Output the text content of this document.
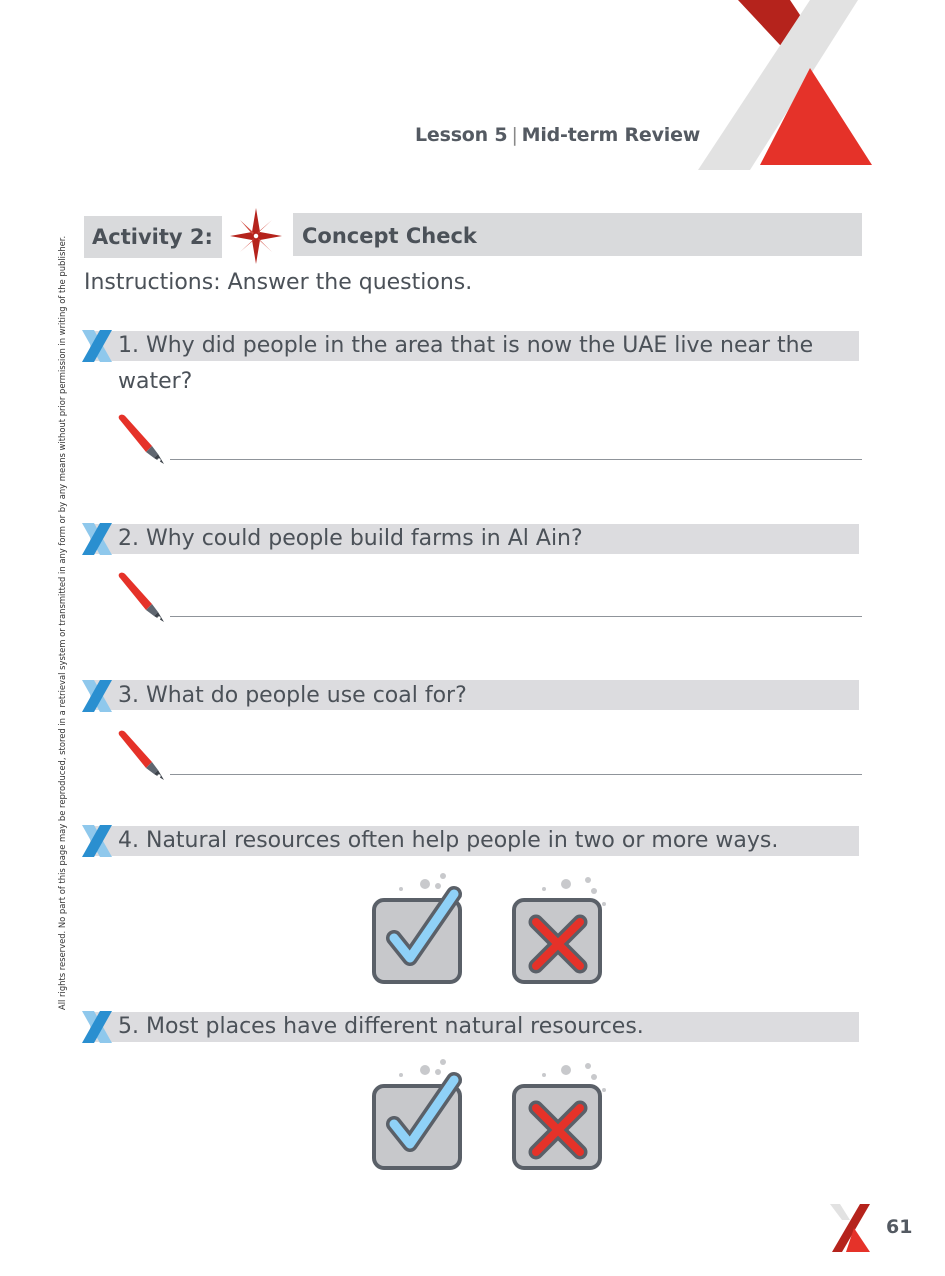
Lesson 5 | Mid-term Review
All rights reserved. No part of this page may be reproduced, stored in a retrieval system or transmitted in any form or by any means without prior permission in writing of the publisher. Activity 2:	Concept Check
Instructions: Answer the questions.
1. Why did people in the area that is now the UAE live near the
water?
2. Why could people build farms in Al Ain?
3. What do people use coal for?
4. Natural resources often help people in two or more ways.
5. Most places have different natural resources.
61
